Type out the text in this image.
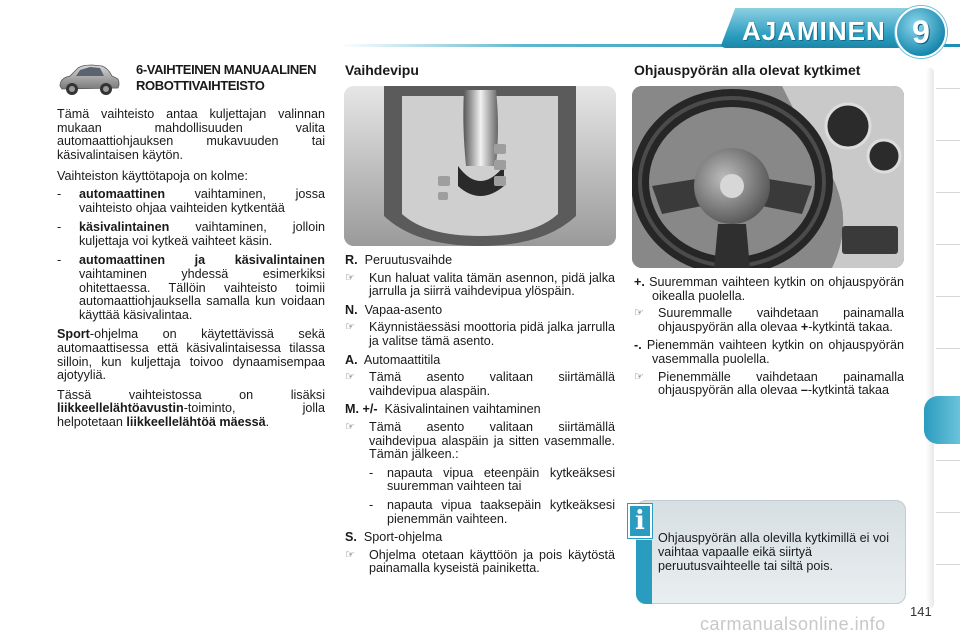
AJAMINEN 9
6-VAIHTEINEN MANUAALINEN
ROBOTTIVAIHTEISTO

Tämä vaihteisto antaa kuljettajan valinnan mukaan mahdollisuuden valita automaattiohjauksen mukavuuden tai käsivalintaisen käytön.

Vaihteiston käyttötapoja on kolme:

-	automaattinen vaihtaminen, jossa vaihteisto ohjaa vaihteiden kytkentää
-	käsivalintainen vaihtaminen, jolloin kuljettaja voi kytkeä vaihteet käsin.
-	automaattinen ja käsivalintainen vaihtaminen yhdessä esimerkiksi ohitettaessa. Tällöin vaihteisto toimii automaattiohjauksella samalla kun voidaan käyttää käsivalintaa.

Sport-ohjelma on käytettävissä sekä automaattisessa että käsivalintaisessa tilassa silloin, kun kuljettaja toivoo dynaamisempaa ajotyyliä.

Tässä vaihteistossa on lisäksi liikkeellelähtöavustin-toiminto, jolla helpotetaan liikkeellelähtöä mäessä.

Vaihdevipu
R. Peruutusvaihde
☞	Kun haluat valita tämän asennon, pidä jalka jarrulla ja siirrä vaihdevipua ylöspäin.
N. Vapaa-asento
☞	Käynnistäessäsi moottoria pidä jalka jarrulla ja valitse tämä asento.
A. Automaattitila
☞	Tämä asento valitaan siirtämällä vaihdevipua alaspäin.
M. +/- Käsivalintainen vaihtaminen
☞	Tämä asento valitaan siirtämällä vaihdevipua alaspäin ja sitten vasemmalle. Tämän jälkeen.:
-	napauta vipua eteenpäin kytkeäksesi suuremman vaihteen tai
-	napauta vipua taaksepäin kytkeäksesi pienemmän vaihteen.
S. Sport-ohjelma
☞	Ohjelma otetaan käyttöön ja pois käytöstä painamalla kyseistä painiketta.
Ohjauspyörän alla olevat kytkimet
+. Suuremman vaihteen kytkin on ohjauspyörän oikealla puolella.
☞	Suuremmalle vaihdetaan painamalla ohjauspyörän alla olevaa +-kytkintä takaa.
-. Pienemmän vaihteen kytkin on ohjauspyörän vasemmalla puolella.
☞	Pienemmälle vaihdetaan painamalla ohjauspyörän alla olevaa –-kytkintä takaa
i
Ohjauspyörän alla olevilla kytkimillä ei voi vaihtaa vapaalle eikä siirtyä peruutusvaihteelle tai siltä pois.
141
carmanualsonline.info
